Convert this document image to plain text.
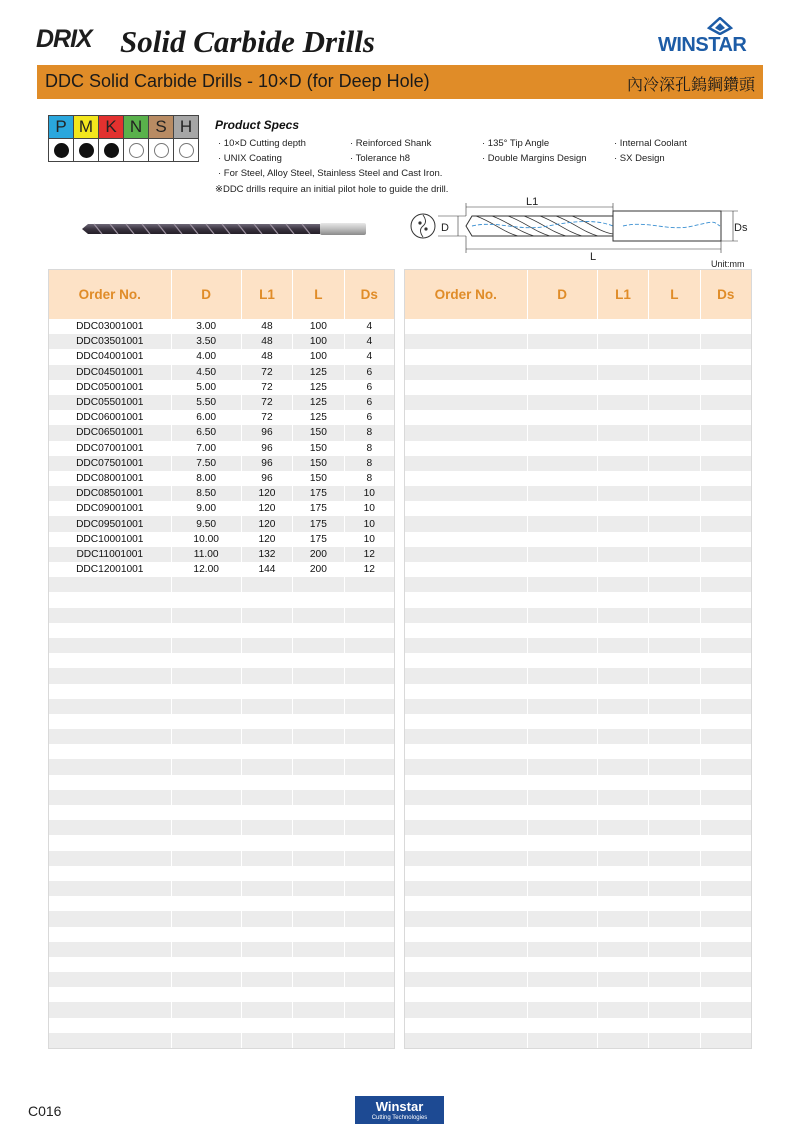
DRIX Solid Carbide Drills	WINSTAR
DDC Solid Carbide Drills - 10×D (for Deep Hole)	內冷深孔鎢鋼鑽頭
P	M	K	N	S	H
					Product Specs
· 10×D Cutting depth	· Reinforced Shank	· 135° Tip Angle	· Internal Coolant
· UNIX Coating	· Tolerance h8	· Double Margins Design	· SX Design
· For Steel, Alloy Steel, Stainless Steel and Cast Iron.
※DDC drills require an initial pilot hole to guide the drill.
L1
D	Ds
L
Unit:mm
Order No.	D	L1	L	Ds
DDC03001001	3.00	48	100	4
DDC03501001	3.50	48	100	4
DDC04001001	4.00	48	100	4
DDC04501001	4.50	72	125	6
DDC05001001	5.00	72	125	6
DDC05501001	5.50	72	125	6
DDC06001001	6.00	72	125	6
DDC06501001	6.50	96	150	8
DDC07001001	7.00	96	150	8
DDC07501001	7.50	96	150	8
DDC08001001	8.00	96	150	8
DDC08501001	8.50	120	175	10
DDC09001001	9.00	120	175	10
DDC09501001	9.50	120	175	10
DDC10001001	10.00	120	175	10
DDC11001001	11.00	132	200	12
DDC12001001	12.00	144	200	12
Order No.	D	L1	L	Ds
C016	Winstar
Cutting Technologies
